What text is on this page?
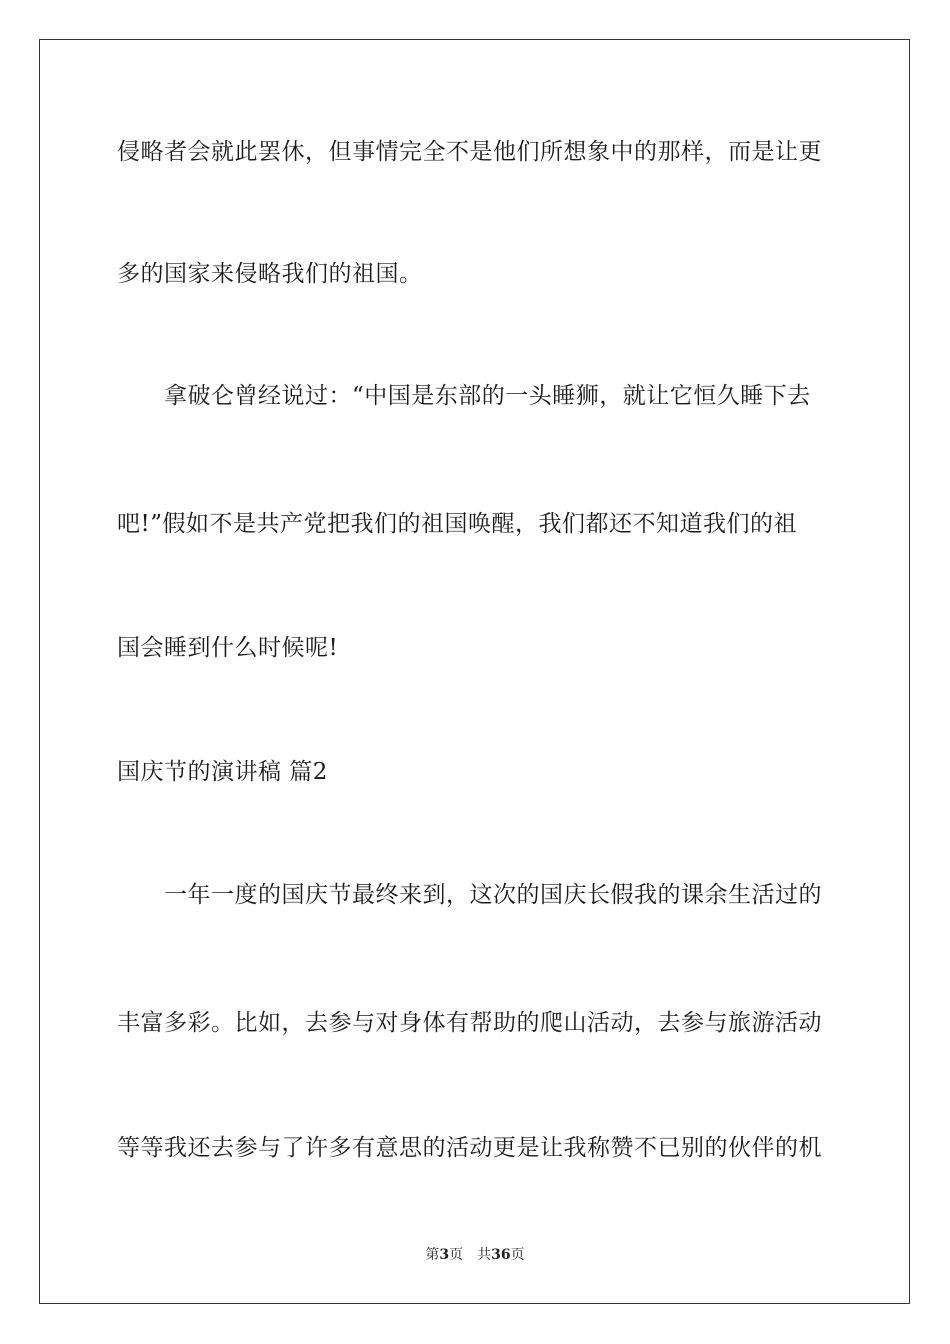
侵略者会就此罢休，但事情完全不是他们所想象中的那样，而是让更
多的国家来侵略我们的祖国。
　　拿破仑曾经说过：“中国是东部的一头睡狮，就让它恒久睡下去
吧!”假如不是共产党把我们的祖国唤醒，我们都还不知道我们的祖
国会睡到什么时候呢!
国庆节的演讲稿 篇2
　　一年一度的国庆节最终来到，这次的国庆长假我的课余生活过的
丰富多彩。比如，去参与对身体有帮助的爬山活动，去参与旅游活动
等等我还去参与了许多有意思的活动更是让我称赞不已别的伙伴的机
第3页 共36页
